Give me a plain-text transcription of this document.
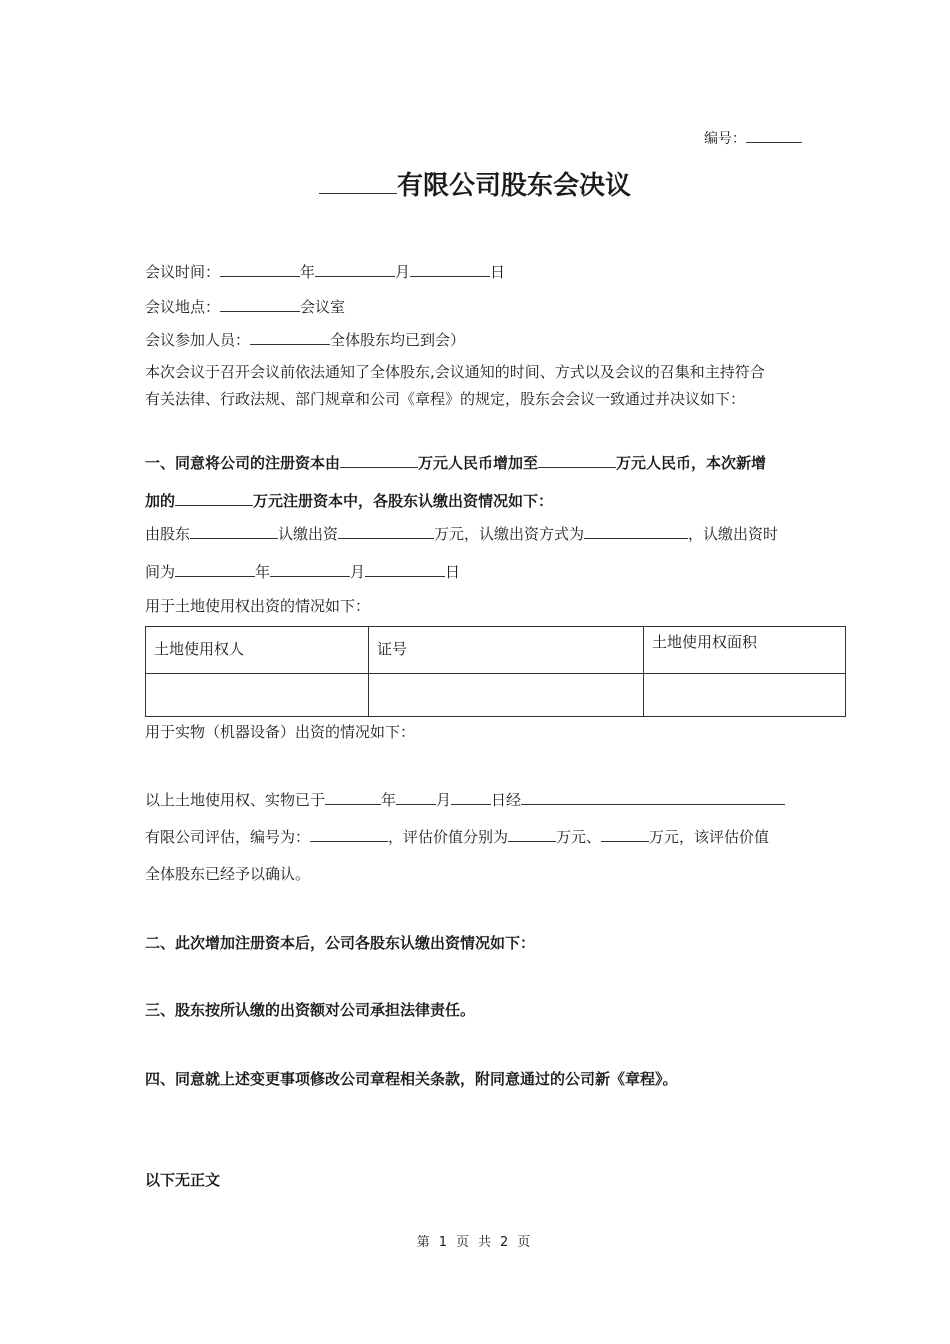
编号：
有限公司股东会决议
会议时间：	年	月	日
会议地点：	会议室
会议参加人员：	全体股东均已到会）
本次会议于召开会议前依法通知了全体股东,会议通知的时间、方式以及会议的召集和主持符合
有关法律、行政法规、部门规章和公司《章程》的规定，股东会会议一致通过并决议如下：
一、同意将公司的注册资本由	万元人民币增加至	万元人民币，本次新增
加的	万元注册资本中，各股东认缴出资情况如下：
由股东	认缴出资	万元，认缴出资方式为	，认缴出资时
间为	年	月	日
用于土地使用权出资的情况如下：
土地使用权人	证号	土地使用权面积

用于实物（机器设备）出资的情况如下：
以上土地使用权、实物已于	年	月	日经
有限公司评估，编号为：	，评估价值分别为	万元、	万元，该评估价值
全体股东已经予以确认。
二、此次增加注册资本后，公司各股东认缴出资情况如下：
三、股东按所认缴的出资额对公司承担法律责任。
四、同意就上述变更事项修改公司章程相关条款，附同意通过的公司新《章程》。
以下无正文
第 1 页 共 2 页
